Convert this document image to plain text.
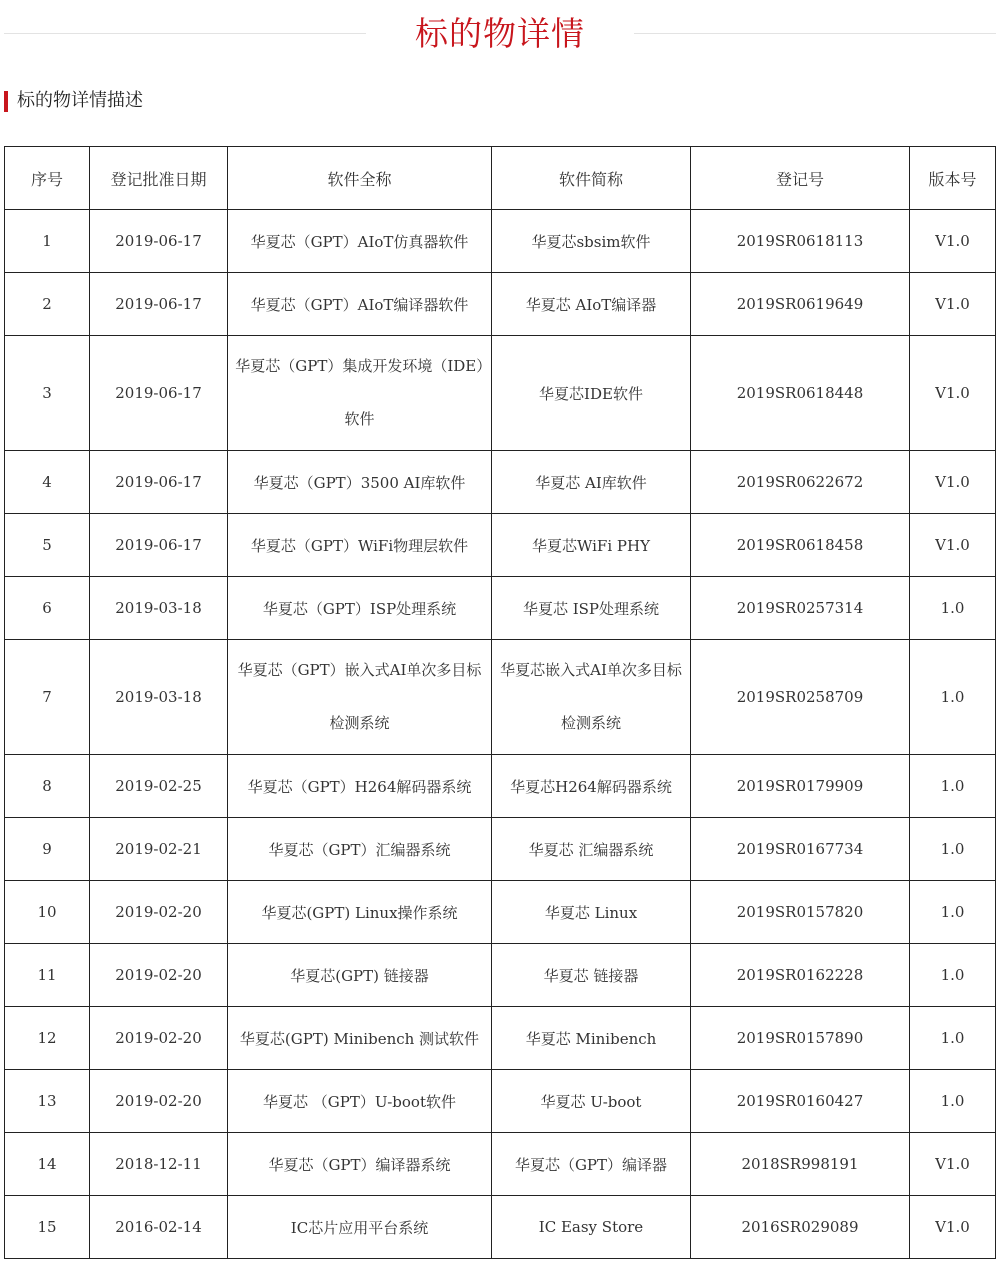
标的物详情
标的物详情描述
序号	登记批准日期	软件全称	软件简称	登记号	版本号
1	2019-06-17	华夏芯（GPT）AIoT仿真器软件	华夏芯sbsim软件	2019SR0618113	V1.0
2	2019-06-17	华夏芯（GPT）AIoT编译器软件	华夏芯 AIoT编译器	2019SR0619649	V1.0
3	2019-06-17	华夏芯（GPT）集成开发环境（IDE）软件	华夏芯IDE软件	2019SR0618448	V1.0
4	2019-06-17	华夏芯（GPT）3500 AI库软件	华夏芯 AI库软件	2019SR0622672	V1.0
5	2019-06-17	华夏芯（GPT）WiFi物理层软件	华夏芯WiFi PHY	2019SR0618458	V1.0
6	2019-03-18	华夏芯（GPT）ISP处理系统	华夏芯 ISP处理系统	2019SR0257314	1.0
7	2019-03-18	华夏芯（GPT）嵌入式AI单次多目标检测系统	华夏芯嵌入式AI单次多目标检测系统	2019SR0258709	1.0
8	2019-02-25	华夏芯（GPT）H264解码器系统	华夏芯H264解码器系统	2019SR0179909	1.0
9	2019-02-21	华夏芯（GPT）汇编器系统	华夏芯 汇编器系统	2019SR0167734	1.0
10	2019-02-20	华夏芯(GPT) Linux操作系统	华夏芯 Linux	2019SR0157820	1.0
11	2019-02-20	华夏芯(GPT) 链接器	华夏芯 链接器	2019SR0162228	1.0
12	2019-02-20	华夏芯(GPT) Minibench 测试软件	华夏芯 Minibench	2019SR0157890	1.0
13	2019-02-20	华夏芯 （GPT）U-boot软件	华夏芯 U-boot	2019SR0160427	1.0
14	2018-12-11	华夏芯（GPT）编译器系统	华夏芯（GPT）编译器	2018SR998191	V1.0
15	2016-02-14	IC芯片应用平台系统	IC Easy Store	2016SR029089	V1.0
